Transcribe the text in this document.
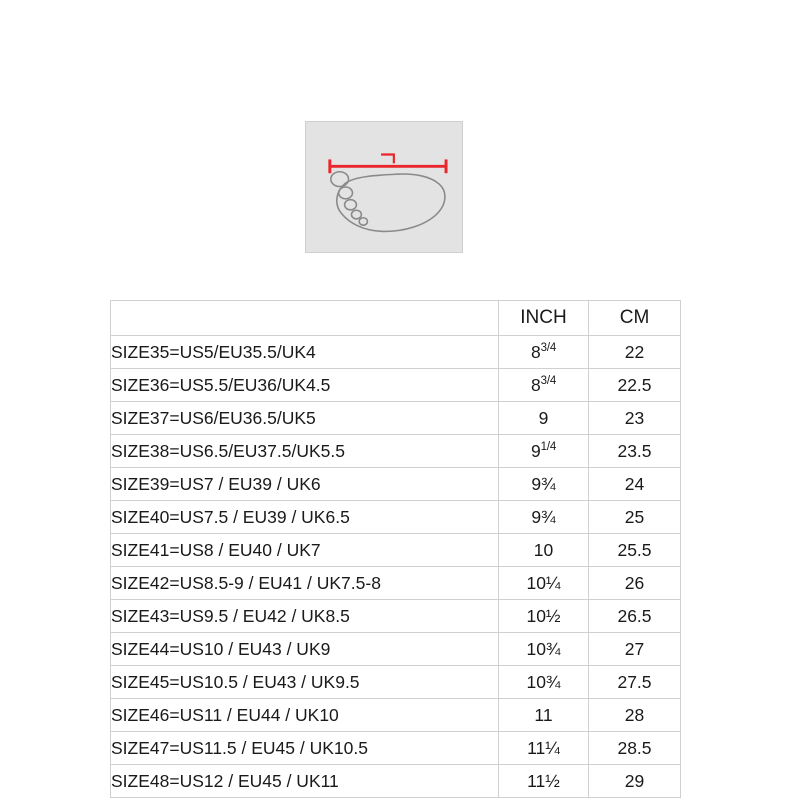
	INCH	CM
SIZE35=US5/EU35.5/UK4	$8^{3/4}$	22
SIZE36=US5.5/EU36/UK4.5	$8^{3/4}$	22.5
SIZE37=US6/EU36.5/UK5	9	23
SIZE38=US6.5/EU37.5/UK5.5	$9^{1/4}$	23.5
SIZE39=US7 / EU39 / UK6	9¾	24
SIZE40=US7.5 / EU39 / UK6.5	9¾	25
SIZE41=US8 / EU40 / UK7	10	25.5
SIZE42=US8.5-9 / EU41 / UK7.5-8	10¼	26
SIZE43=US9.5 / EU42 / UK8.5	10½	26.5
SIZE44=US10 / EU43 / UK9	10¾	27
SIZE45=US10.5 / EU43 / UK9.5	10¾	27.5
SIZE46=US11 / EU44 / UK10	11	28
SIZE47=US11.5 / EU45 / UK10.5	11¼	28.5
SIZE48=US12 / EU45 / UK11	11½	29
